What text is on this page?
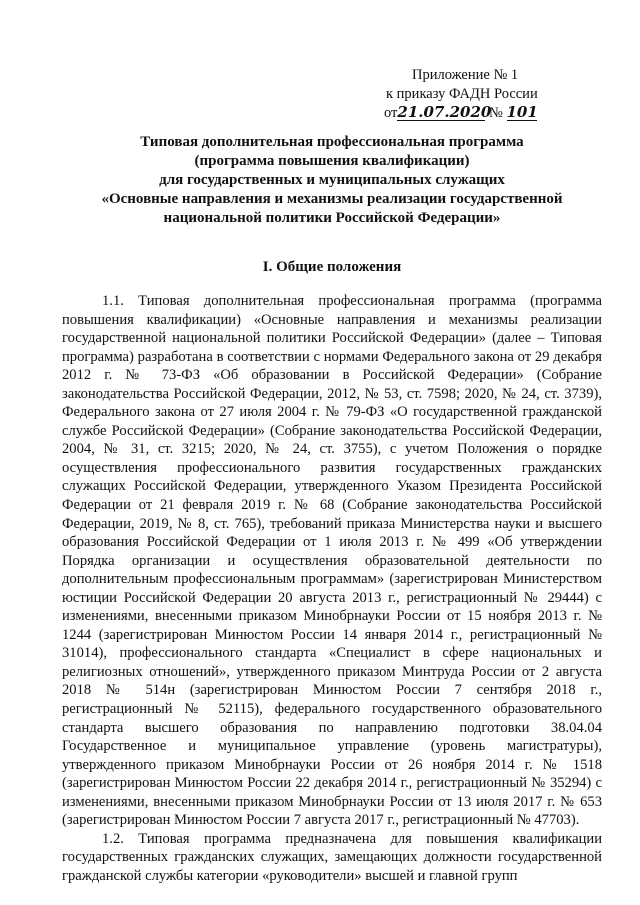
Приложение № 1
к приказу ФАДН России
от21.07.2020 № 101
Типовая дополнительная профессиональная программа
(программа повышения квалификации)
для государственных и муниципальных служащих
«Основные направления и механизмы реализации государственной
национальной политики Российской Федерации»
I. Общие положения

1.1. Типовая дополнительная профессиональная программа (программа повышения квалификации) «Основные направления и механизмы реализации государственной национальной политики Российской Федерации» (далее – Типовая программа) разработана в соответствии с нормами Федерального закона от 29 декабря 2012 г. № 73-ФЗ «Об образовании в Российской Федерации» (Собрание законодательства Российской Федерации, 2012, № 53, ст. 7598; 2020, № 24, ст. 3739), Федерального закона от 27 июля 2004 г. № 79-ФЗ «О государственной гражданской службе Российской Федерации» (Собрание законодательства Российской Федерации, 2004, № 31, ст. 3215; 2020, № 24, ст. 3755), с учетом Положения о порядке осуществления профессионального развития государственных гражданских служащих Российской Федерации, утвержденного Указом Президента Российской Федерации от 21 февраля 2019 г. № 68 (Собрание законодательства Российской Федерации, 2019, № 8, ст. 765), требований приказа Министерства науки и высшего образования Российской Федерации от 1 июля 2013 г. № 499 «Об утверждении Порядка организации и осуществления образовательной деятельности по дополнительным профессиональным программам» (зарегистрирован Министерством юстиции Российской Федерации 20 августа 2013 г., регистрационный № 29444) с изменениями, внесенными приказом Минобрнауки России от 15 ноября 2013 г. № 1244 (зарегистрирован Минюстом России 14 января 2014 г., регистрационный № 31014), профессионального стандарта «Специалист в сфере национальных и религиозных отношений», утвержденного приказом Минтруда России от 2 августа 2018 № 514н (зарегистрирован Минюстом России 7 сентября 2018 г., регистрационный № 52115), федерального государственного образовательного стандарта высшего образования по направлению подготовки 38.04.04 Государственное и муниципальное управление (уровень магистратуры), утвержденного приказом Минобрнауки России от 26 ноября 2014 г. № 1518 (зарегистрирован Минюстом России 22 декабря 2014 г., регистрационный № 35294) с изменениями, внесенными приказом Минобрнауки России от 13 июля 2017 г. № 653 (зарегистрирован Минюстом России 7 августа 2017 г., регистрационный № 47703).

1.2. Типовая программа предназначена для повышения квалификации государственных гражданских служащих, замещающих должности государственной гражданской службы категории «руководители» высшей и главной групп
